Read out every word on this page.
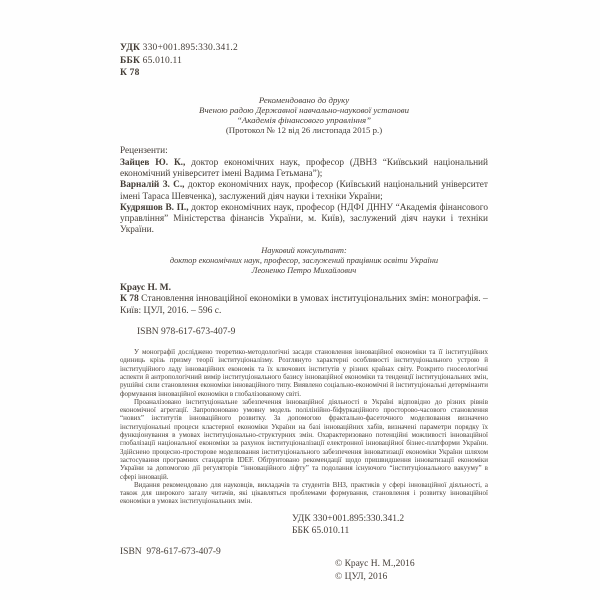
УДК 330+001.895:330.341.2
ББК 65.010.11
К 78
Рекомендовано до друку
Вченою радою Державної навчально-наукової установи
“Академія фінансового управління”
(Протокол № 12 від 26 листопада 2015 р.)
Рецензенти:

Зайцев Ю. К., доктор економічних наук, професор (ДВНЗ “Київський національний економічний університет імені Вадима Гетьмана”);

Варналій З. С., доктор економічних наук, професор (Київський національний університет імені Тараса Шевченка), заслужений діяч науки і техніки України;

Кудряшов В. П., доктор економічних наук, професор (НДФІ ДННУ “Академія фінансового управління” Міністерства фінансів України, м. Київ), заслужений діяч науки і техніки України.

Науковий консультант:
доктор економічних наук, професор, заслужений працівник освіти України
Леоненко Петро Михайлович
Краус Н. М.

К 78 Становлення інноваційної економіки в умовах інституціональних змін: монографія. – Київ: ЦУЛ, 2016. – 596 с.

ISBN 978-617-673-407-9

У монографії досліджено теоретико-методологічні засади становлення інноваційної економіки та її інституційних одиниць крізь призму теорії інституціоналізму. Розглянуто характерні особливості інституціонального устрою й інституційного ладу інноваційних економік та їх ключових інститутів у різних країнах світу. Розкрито гносеологічні аспекти й антропологічний вимір інституціонального базису інноваційної економіки та тенденції інституціональних змін, рушійні сили становлення економіки інноваційного типу. Виявлено соціально-економічні й інституціональні детермінанти формування інноваційної економіки в глобалізованому світі.

Проаналізовано інституціональне забезпечення інноваційної діяльності в Україні відповідно до різних рівнів економічної агрегації. Запропоновано умовну модель полілінійно-біфуркаційного просторово-часового становлення “нових” інститутів інноваційного розвитку. За допомогою фрактально-фасеточного моделювання визначено інституціональні процеси кластерної економіки України на базі інноваційних хабів, визначені параметри порядку їх функціонування в умовах інституціонально-структурних змін. Охарактеризовано потенційні можливості інноваційної глобалізації національної економіки за рахунок інституціоналізації електронної інноваційної бізнес-платформи України. Здійснено процесно-просторове моделювання інституціонального забезпечення інноватизації економіки України шляхом застосування програмних стандартів IDEF. Обґрунтовано рекомендації щодо пришвидшення інноватизації економіки України за допомогою дії регуляторів “інноваційного ліфту” та подолання існуючого “інституціонального вакууму” в сфері інновацій.

Видання рекомендовано для науковців, викладачів та студентів ВНЗ, практиків у сфері інноваційної діяльності, а також для широкого загалу читачів, які цікавляться проблемами формування, становлення і розвитку інноваційної економіки в умовах інституціональних змін.

УДК 330+001.895:330.341.2
ББК 65.010.11
ISBN  978-617-673-407-9
© Краус Н. М.,2016
© ЦУЛ, 2016
